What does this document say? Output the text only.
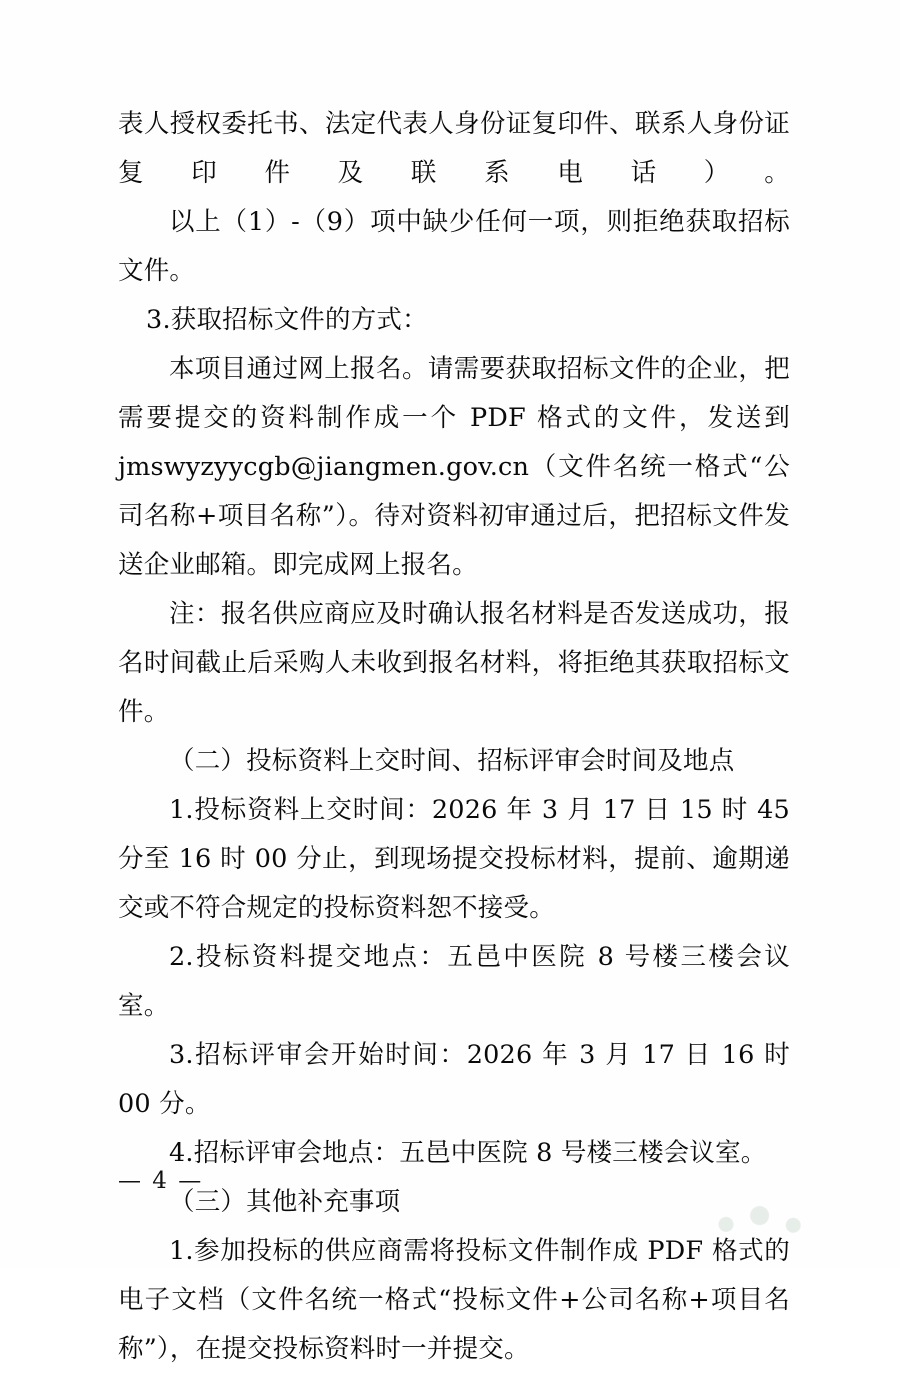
表人授权委托书、法定代表人身份证复印件、联系人身份证复印件及联系电话）。

以上（1）-（9）项中缺少任何一项，则拒绝获取招标文件。

3.获取招标文件的方式：

本项目通过网上报名。请需要获取招标文件的企业，把需要提交的资料制作成一个 PDF 格式的文件，发送到 jmswyzyycgb@jiangmen.gov.cn（文件名统一格式“公司名称+项目名称”）。待对资料初审通过后，把招标文件发送企业邮箱。即完成网上报名。

注：报名供应商应及时确认报名材料是否发送成功，报名时间截止后采购人未收到报名材料，将拒绝其获取招标文件。

（二）投标资料上交时间、招标评审会时间及地点

1.投标资料上交时间：2026 年 3 月 17 日 15 时 45 分至 16 时 00 分止，到现场提交投标材料，提前、逾期递交或不符合规定的投标资料恕不接受。

2.投标资料提交地点：五邑中医院 8 号楼三楼会议室。

3.招标评审会开始时间：2026 年 3 月 17 日 16 时 00 分。

4.招标评审会地点：五邑中医院 8 号楼三楼会议室。

（三）其他补充事项

1.参加投标的供应商需将投标文件制作成 PDF 格式的电子文档（文件名统一格式“投标文件+公司名称+项目名称”），在提交投标资料时一并提交。

— 4 —
